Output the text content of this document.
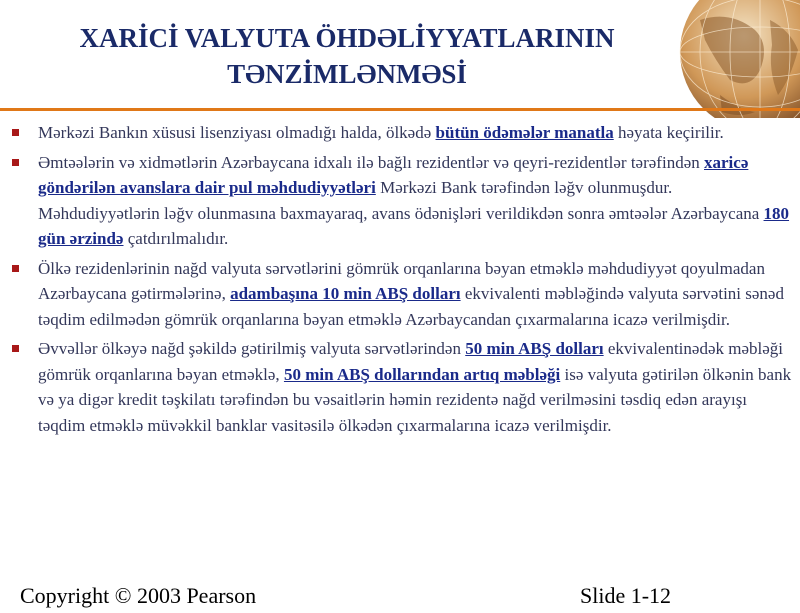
XARİCİ VALYUTA ÖHDƏLİYYATLARININ
TƏNZİMLƏNMƏSİ
Mərkəzi Bankın xüsusi lisenziyası olmadığı halda, ölkədə bütün ödəmələr manatla həyata keçirilir.
Əmtəələrin və xidmətlərin Azərbaycana idxalı ilə bağlı rezidentlər və qeyri-rezidentlər tərəfindən xaricə göndərilən avanslara dair pul məhdudiyyətləri Mərkəzi Bank tərəfindən ləğv olunmuşdur. Məhdudiyyətlərin ləğv olunmasına baxmayaraq, avans ödənişləri verildikdən sonra əmtəələr Azərbaycana 180 gün ərzində çatdırılmalıdır.
Ölkə rezidenlərinin nağd valyuta sərvətlərini gömrük orqanlarına bəyan etməklə məhdudiyyət qoyulmadan Azərbaycana gətirmələrinə, adambaşına 10 min ABŞ dolları ekvivalenti məbləğində valyuta sərvətini sənəd təqdim edilmədən gömrük orqanlarına bəyan etməklə Azərbaycandan çıxarmalarına icazə verilmişdir.
Əvvəllər ölkəyə nağd şəkildə gətirilmiş valyuta sərvətlərindən 50 min ABŞ dolları ekvivalentinədək məbləği gömrük orqanlarına bəyan etməklə, 50 min ABŞ dollarından artıq məbləği isə valyuta gətirilən ölkənin bank və ya digər kredit təşkilatı tərəfindən bu vəsaitlərin həmin rezidentə nağd verilməsini təsdiq edən arayışı təqdim etməklə müvəkkil banklar vasitəsilə ölkədən çıxarmalarına icazə verilmişdir.
Copyright © 2003 Pearson	Slide 1-12
